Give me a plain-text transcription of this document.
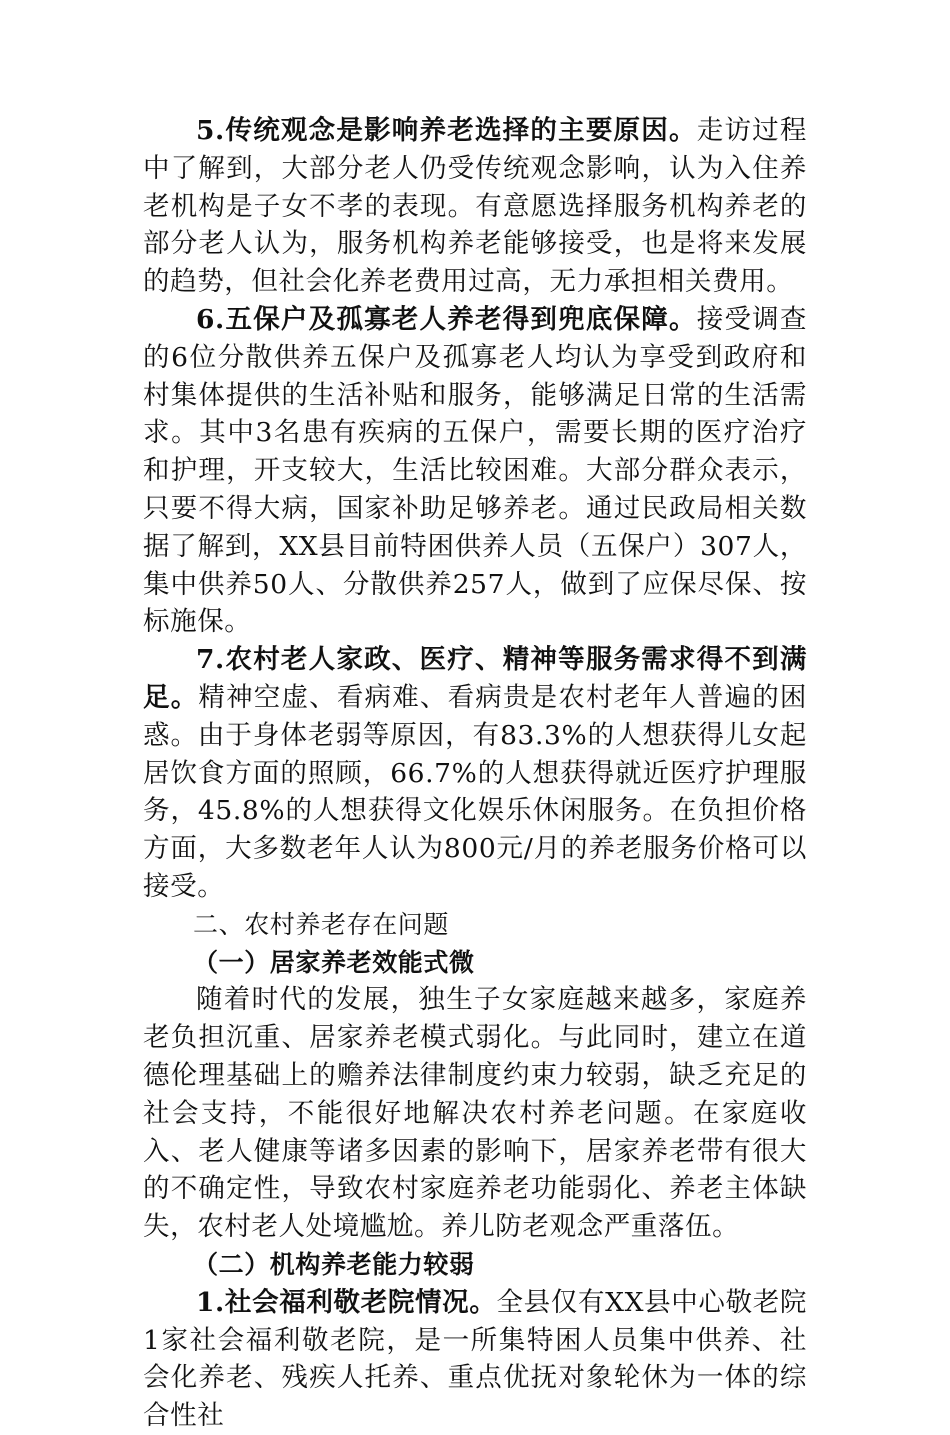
5.传统观念是影响养老选择的主要原因。走访过程中了解到，大部分老人仍受传统观念影响，认为入住养老机构是子女不孝的表现。有意愿选择服务机构养老的部分老人认为，服务机构养老能够接受，也是将来发展的趋势，但社会化养老费用过高，无力承担相关费用。

6.五保户及孤寡老人养老得到兜底保障。接受调查的6位分散供养五保户及孤寡老人均认为享受到政府和村集体提供的生活补贴和服务，能够满足日常的生活需求。其中3名患有疾病的五保户，需要长期的医疗治疗和护理，开支较大，生活比较困难。大部分群众表示，只要不得大病，国家补助足够养老。通过民政局相关数据了解到，XX县目前特困供养人员（五保户）307人，集中供养50人、分散供养257人，做到了应保尽保、按标施保。

7.农村老人家政、医疗、精神等服务需求得不到满足。精神空虚、看病难、看病贵是农村老年人普遍的困惑。由于身体老弱等原因，有83.3%的人想获得儿女起居饮食方面的照顾，66.7%的人想获得就近医疗护理服务，45.8%的人想获得文化娱乐休闲服务。在负担价格方面，大多数老年人认为800元/月的养老服务价格可以接受。

二、农村养老存在问题
（一）居家养老效能式微

随着时代的发展，独生子女家庭越来越多，家庭养老负担沉重、居家养老模式弱化。与此同时，建立在道德伦理基础上的赡养法律制度约束力较弱，缺乏充足的社会支持，不能很好地解决农村养老问题。在家庭收入、老人健康等诸多因素的影响下，居家养老带有很大的不确定性，导致农村家庭养老功能弱化、养老主体缺失，农村老人处境尴尬。养儿防老观念严重落伍。

（二）机构养老能力较弱

1.社会福利敬老院情况。全县仅有XX县中心敬老院1家社会福利敬老院，是一所集特困人员集中供养、社会化养老、残疾人托养、重点优抚对象轮休为一体的综合性社
